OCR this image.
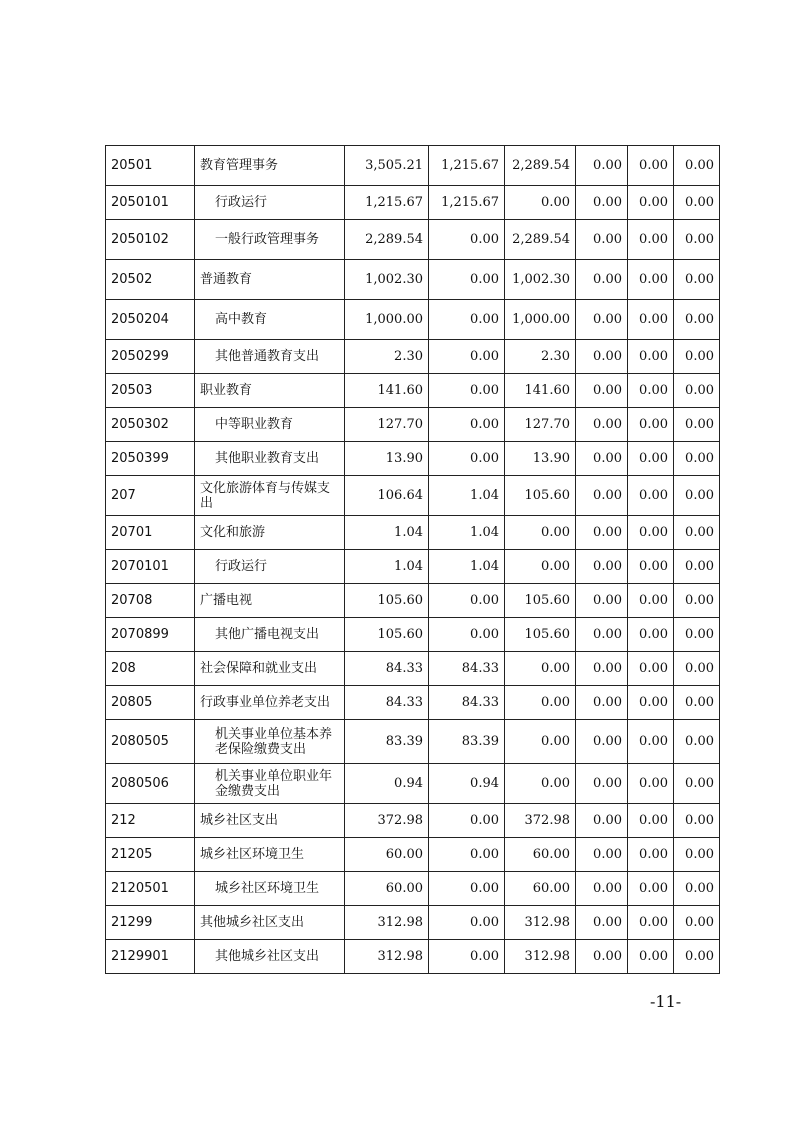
20501	教育管理事务	3,505.21	1,215.67	2,289.54	0.00	0.00	0.00
2050101	行政运行	1,215.67	1,215.67	0.00	0.00	0.00	0.00
2050102	一般行政管理事务	2,289.54	0.00	2,289.54	0.00	0.00	0.00
20502	普通教育	1,002.30	0.00	1,002.30	0.00	0.00	0.00
2050204	高中教育	1,000.00	0.00	1,000.00	0.00	0.00	0.00
2050299	其他普通教育支出	2.30	0.00	2.30	0.00	0.00	0.00
20503	职业教育	141.60	0.00	141.60	0.00	0.00	0.00
2050302	中等职业教育	127.70	0.00	127.70	0.00	0.00	0.00
2050399	其他职业教育支出	13.90	0.00	13.90	0.00	0.00	0.00
207	文化旅游体育与传媒支出	106.64	1.04	105.60	0.00	0.00	0.00
20701	文化和旅游	1.04	1.04	0.00	0.00	0.00	0.00
2070101	行政运行	1.04	1.04	0.00	0.00	0.00	0.00
20708	广播电视	105.60	0.00	105.60	0.00	0.00	0.00
2070899	其他广播电视支出	105.60	0.00	105.60	0.00	0.00	0.00
208	社会保障和就业支出	84.33	84.33	0.00	0.00	0.00	0.00
20805	行政事业单位养老支出	84.33	84.33	0.00	0.00	0.00	0.00
2080505	机关事业单位基本养老保险缴费支出	83.39	83.39	0.00	0.00	0.00	0.00
2080506	机关事业单位职业年金缴费支出	0.94	0.94	0.00	0.00	0.00	0.00
212	城乡社区支出	372.98	0.00	372.98	0.00	0.00	0.00
21205	城乡社区环境卫生	60.00	0.00	60.00	0.00	0.00	0.00
2120501	城乡社区环境卫生	60.00	0.00	60.00	0.00	0.00	0.00
21299	其他城乡社区支出	312.98	0.00	312.98	0.00	0.00	0.00
2129901	其他城乡社区支出	312.98	0.00	312.98	0.00	0.00	0.00
-11-
